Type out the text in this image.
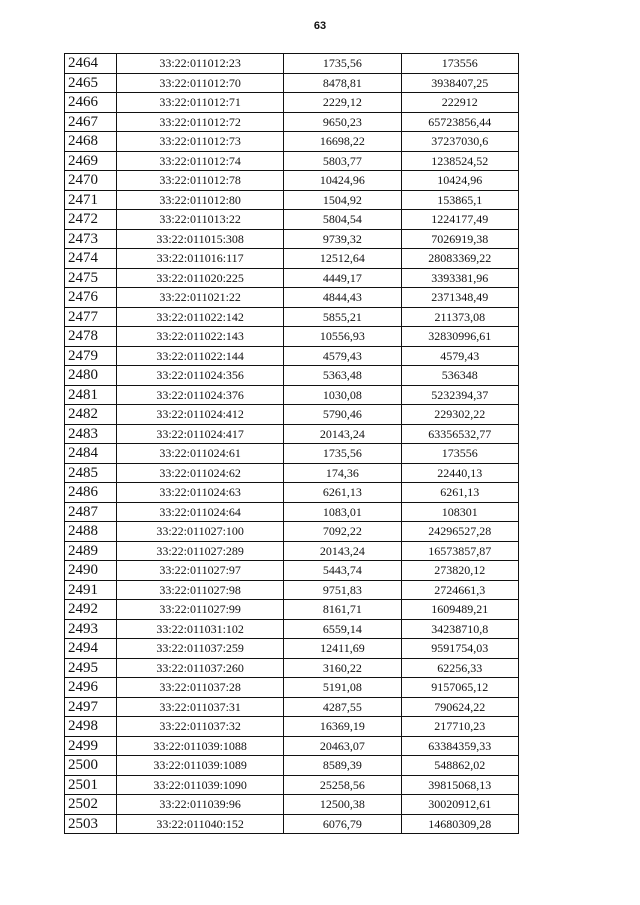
63
2464	33:22:011012:23	1735,56	173556
2465	33:22:011012:70	8478,81	3938407,25
2466	33:22:011012:71	2229,12	222912
2467	33:22:011012:72	9650,23	65723856,44
2468	33:22:011012:73	16698,22	37237030,6
2469	33:22:011012:74	5803,77	1238524,52
2470	33:22:011012:78	10424,96	10424,96
2471	33:22:011012:80	1504,92	153865,1
2472	33:22:011013:22	5804,54	1224177,49
2473	33:22:011015:308	9739,32	7026919,38
2474	33:22:011016:117	12512,64	28083369,22
2475	33:22:011020:225	4449,17	3393381,96
2476	33:22:011021:22	4844,43	2371348,49
2477	33:22:011022:142	5855,21	211373,08
2478	33:22:011022:143	10556,93	32830996,61
2479	33:22:011022:144	4579,43	4579,43
2480	33:22:011024:356	5363,48	536348
2481	33:22:011024:376	1030,08	5232394,37
2482	33:22:011024:412	5790,46	229302,22
2483	33:22:011024:417	20143,24	63356532,77
2484	33:22:011024:61	1735,56	173556
2485	33:22:011024:62	174,36	22440,13
2486	33:22:011024:63	6261,13	6261,13
2487	33:22:011024:64	1083,01	108301
2488	33:22:011027:100	7092,22	24296527,28
2489	33:22:011027:289	20143,24	16573857,87
2490	33:22:011027:97	5443,74	273820,12
2491	33:22:011027:98	9751,83	2724661,3
2492	33:22:011027:99	8161,71	1609489,21
2493	33:22:011031:102	6559,14	34238710,8
2494	33:22:011037:259	12411,69	9591754,03
2495	33:22:011037:260	3160,22	62256,33
2496	33:22:011037:28	5191,08	9157065,12
2497	33:22:011037:31	4287,55	790624,22
2498	33:22:011037:32	16369,19	217710,23
2499	33:22:011039:1088	20463,07	63384359,33
2500	33:22:011039:1089	8589,39	548862,02
2501	33:22:011039:1090	25258,56	39815068,13
2502	33:22:011039:96	12500,38	30020912,61
2503	33:22:011040:152	6076,79	14680309,28
